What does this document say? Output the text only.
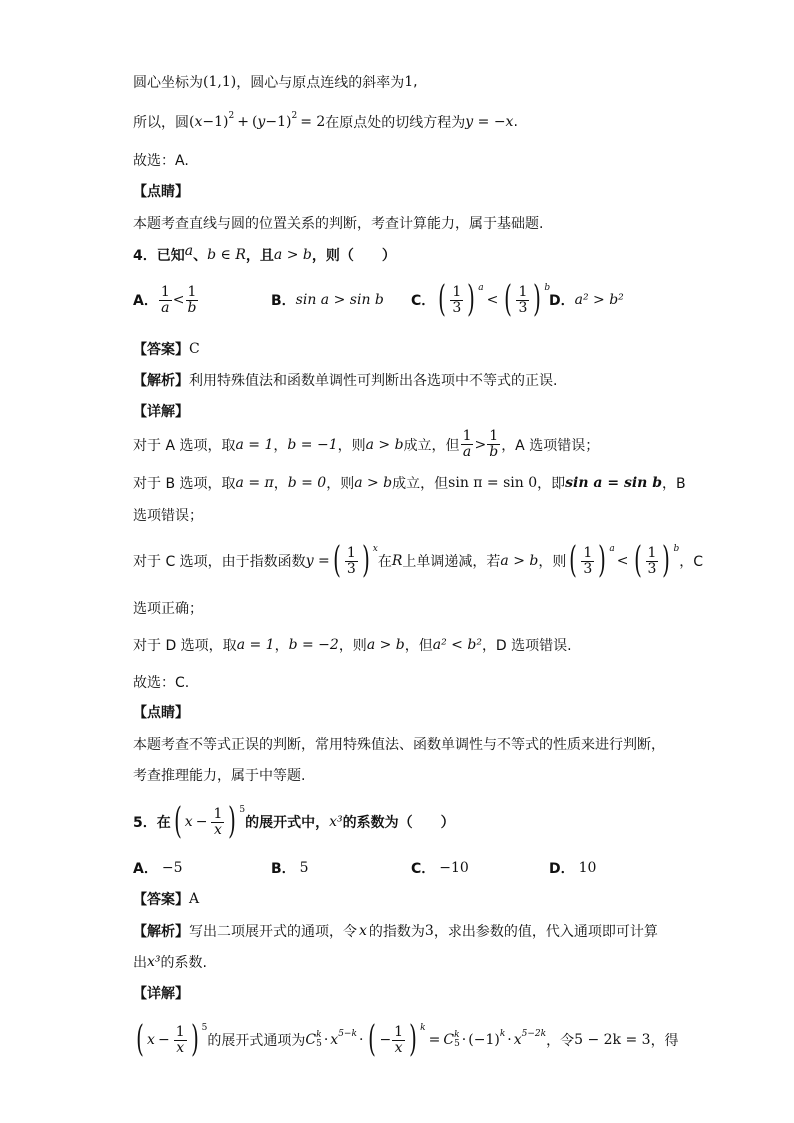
圆心坐标为 (1,1) ，圆心与原点连线的斜率为 1 ,
所以，圆 ( x −1 ) 2 + ( y −1 ) 2 = 2 在原点处的切线方程为 y = −x .
故选：A.
【点睛】
本题考查直线与圆的位置关系的判断，考查计算能力，属于基础题.
4．已知 a 、 b ∈ R ，且 a > b ，则（　　）
A． $\frac{1}{a} < \frac{1}{b}$	B． sin a > sin b C． ( $\frac{1}{3}$ ) a
< ( $\frac{1}{3}$ ) b
D． a² > b²
【答案】 C
【解析】 利用特殊值法和函数单调性可判断出各选项中不等式的正误.
【详解】
对于 A 选项，取 a = 1 ， b = −1 ，则 a > b 成立，但 $\frac{1}{a} > \frac{1}{b}$ ，A 选项错误；
对于 B 选项，取 a = π ， b = 0 ，则 a > b 成立，但 sin π = sin 0 ，即 sin a = sin b ，B
选项错误；
对于 C 选项，由于指数函数 y = ( $\frac{1}{3}$ ) x
在 R 上单调递减，若 a > b ，则 ( $\frac{1}{3}$ ) a
< ( $\frac{1}{3}$ ) b
，C
选项正确；
对于 D 选项，取 a = 1 ， b = −2 ，则 a > b ，但 a² < b² ，D 选项错误.
故选：C.
【点睛】
本题考查不等式正误的判断，常用特殊值法、函数单调性与不等式的性质来进行判断，
考查推理能力，属于中等题.
5．在 ( $x - \frac{1}{x}$ ) 5
的展开式中， x³ 的系数为（　　）
A． −5	B． 5	C． −10	D． 10
【答案】 A
【解析】 写出二项展开式的通项，令 x 的指数为 3 ，求出参数的值，代入通项即可计算
出 x³ 的系数.
【详解】
( $x - \frac{1}{x}$ ) 5
的展开式通项为 C k
5 · x 5−k · ( − $\frac{1}{x}$ ) k
= C k
5 · (−1) k · x 5−2k ，令 5 − 2k = 3 ，得
